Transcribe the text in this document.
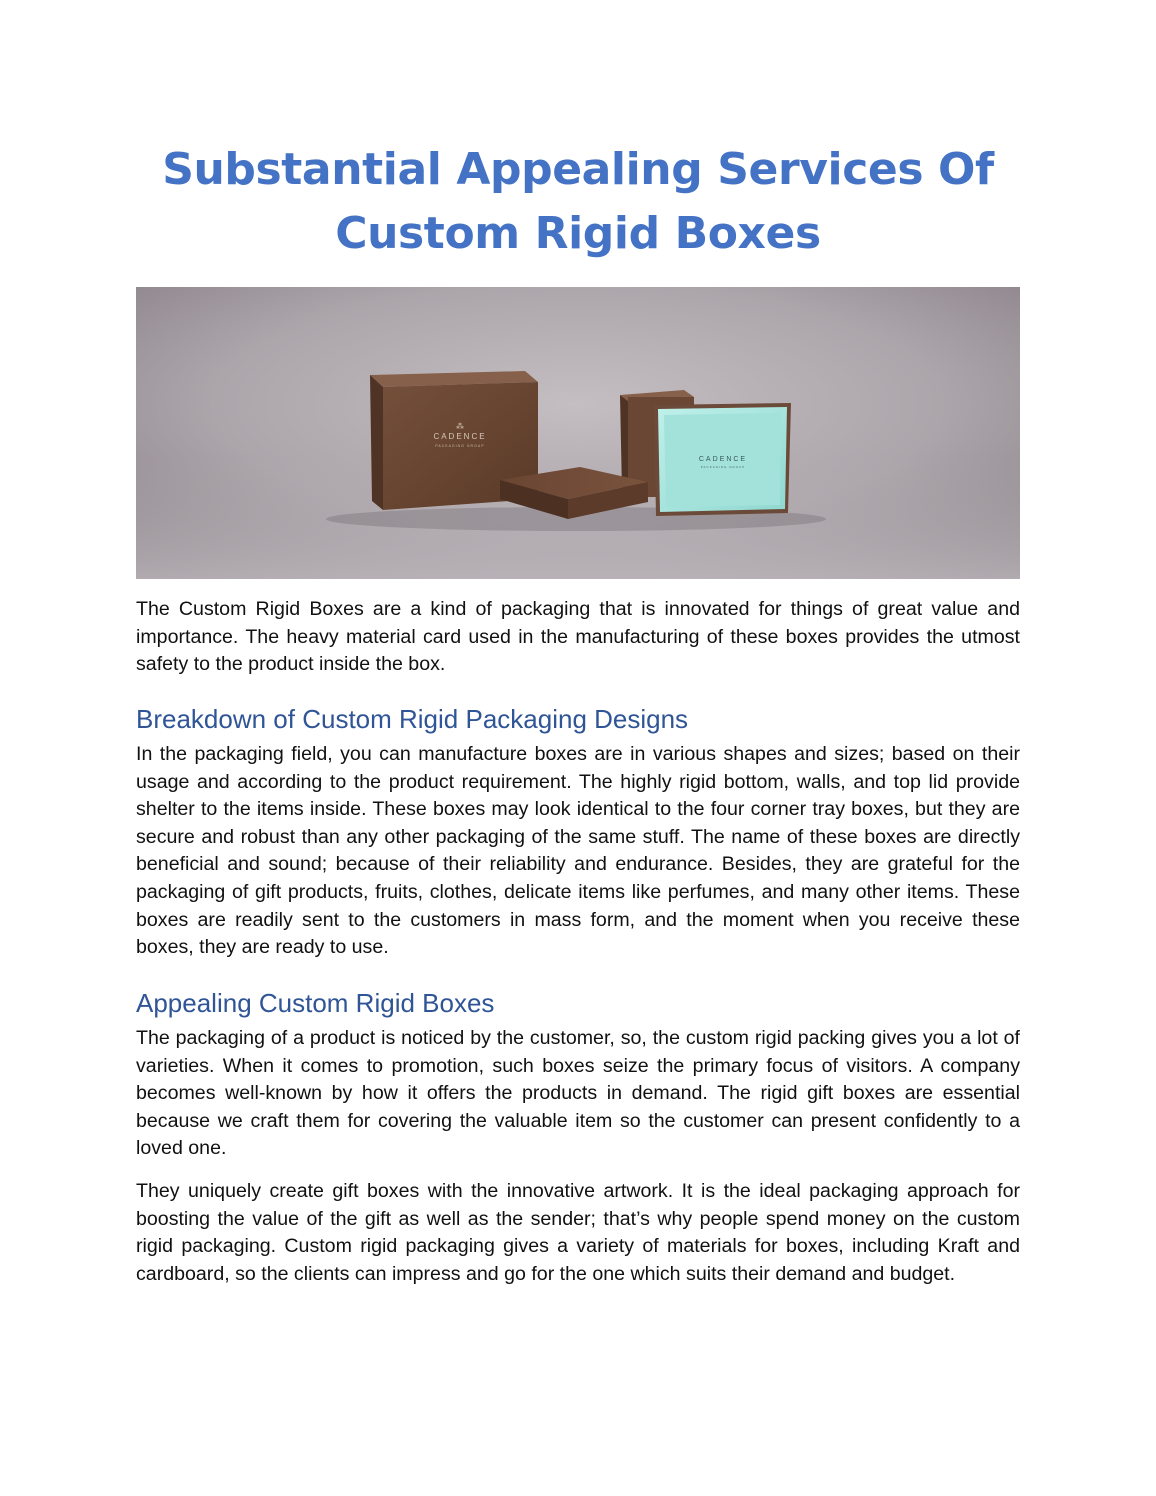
Substantial Appealing Services Of
Custom Rigid Boxes
CADENCE
PACKAGING GROUP
⁂
CADENCE
PACKAGING GROUP

The Custom Rigid Boxes are a kind of packaging that is innovated for things of great value and importance. The heavy material card used in the manufacturing of these boxes provides the utmost safety to the product inside the box.

Breakdown of Custom Rigid Packaging Designs

In the packaging field, you can manufacture boxes are in various shapes and sizes; based on their usage and according to the product requirement. The highly rigid bottom, walls, and top lid provide shelter to the items inside. These boxes may look identical to the four corner tray boxes, but they are secure and robust than any other packaging of the same stuff. The name of these boxes are directly beneficial and sound; because of their reliability and endurance. Besides, they are grateful for the packaging of gift products, fruits, clothes, delicate items like perfumes, and many other items. These boxes are readily sent to the customers in mass form, and the moment when you receive these boxes, they are ready to use.

Appealing Custom Rigid Boxes

The packaging of a product is noticed by the customer, so, the custom rigid packing gives you a lot of varieties. When it comes to promotion, such boxes seize the primary focus of visitors. A company becomes well-known by how it offers the products in demand. The rigid gift boxes are essential because we craft them for covering the valuable item so the customer can present confidently to a loved one.

They uniquely create gift boxes with the innovative artwork. It is the ideal packaging approach for boosting the value of the gift as well as the sender; that’s why people spend money on the custom rigid packaging. Custom rigid packaging gives a variety of materials for boxes, including Kraft and cardboard, so the clients can impress and go for the one which suits their demand and budget.
